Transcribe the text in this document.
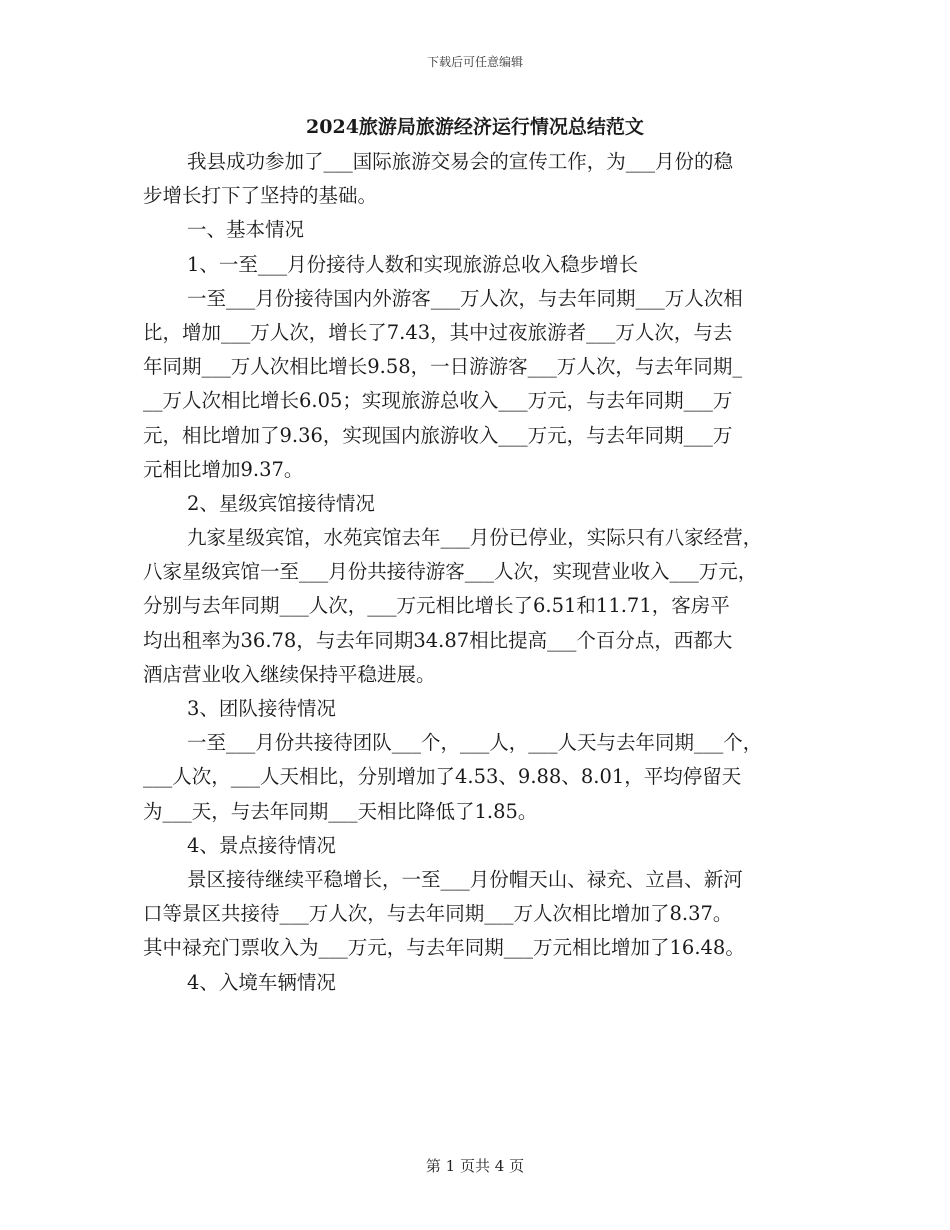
下载后可任意编辑
2024旅游局旅游经济运行情况总结范文
我县成功参加了___国际旅游交易会的宣传工作，为___月份的稳
步增长打下了坚持的基础。
一、基本情况
1、一至___月份接待人数和实现旅游总收入稳步增长
一至___月份接待国内外游客___万人次，与去年同期___万人次相
比，增加___万人次，增长了7.43，其中过夜旅游者___万人次，与去
年同期___万人次相比增长9.58，一日游游客___万人次，与去年同期_
__万人次相比增长6.05；实现旅游总收入___万元，与去年同期___万
元，相比增加了9.36，实现国内旅游收入___万元，与去年同期___万
元相比增加9.37。
2、星级宾馆接待情况
九家星级宾馆，水苑宾馆去年___月份已停业，实际只有八家经营，
八家星级宾馆一至___月份共接待游客___人次，实现营业收入___万元，
分别与去年同期___人次，___万元相比增长了6.51和11.71，客房平
均出租率为36.78，与去年同期34.87相比提高___个百分点，西都大
酒店营业收入继续保持平稳进展。
3、团队接待情况
一至___月份共接待团队___个，___人，___人天与去年同期___个，
___人次，___人天相比，分别增加了4.53、9.88、8.01，平均停留天
为___天，与去年同期___天相比降低了1.85。
4、景点接待情况
景区接待继续平稳增长，一至___月份帽天山、禄充、立昌、新河
口等景区共接待___万人次，与去年同期___万人次相比增加了8.37。
其中禄充门票收入为___万元，与去年同期___万元相比增加了16.48。
4、入境车辆情况
第 1 页共 4 页
